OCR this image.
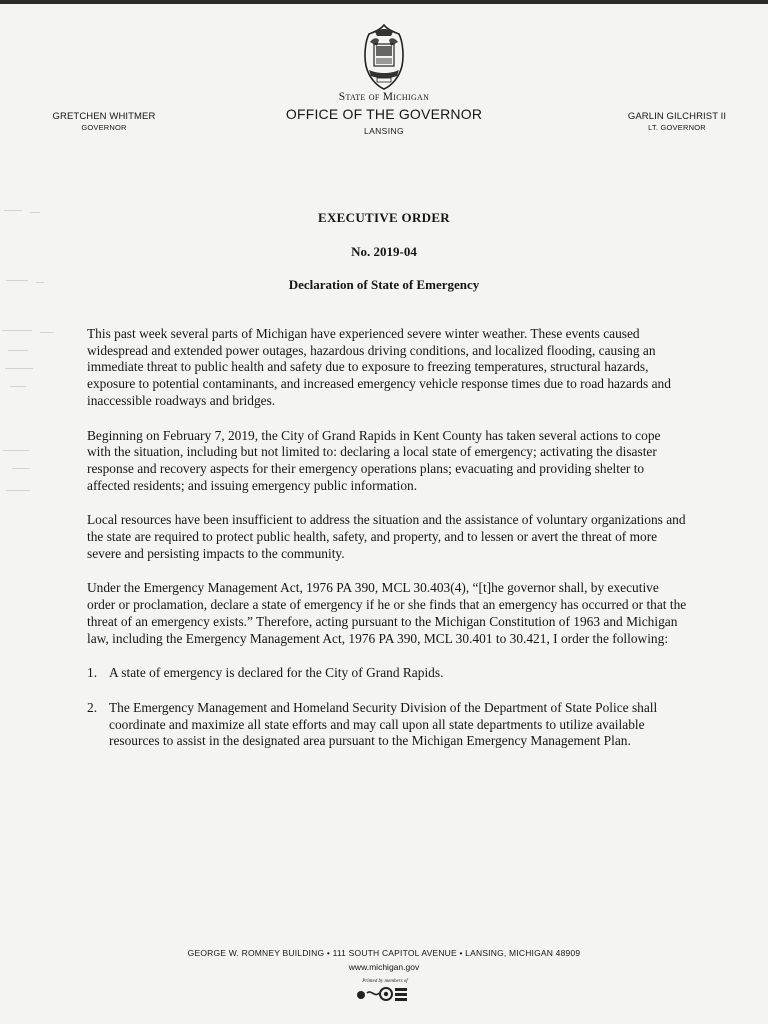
State of Michigan
OFFICE OF THE GOVERNOR
LANSING
GRETCHEN WHITMER
GOVERNOR
GARLIN GILCHRIST II
LT. GOVERNOR
EXECUTIVE ORDER
No. 2019-04
Declaration of State of Emergency

This past week several parts of Michigan have experienced severe winter weather. These events caused widespread and extended power outages, hazardous driving conditions, and localized flooding, causing an immediate threat to public health and safety due to exposure to freezing temperatures, structural hazards, exposure to potential contaminants, and increased emergency vehicle response times due to road hazards and inaccessible roadways and bridges.

Beginning on February 7, 2019, the City of Grand Rapids in Kent County has taken several actions to cope with the situation, including but not limited to: declaring a local state of emergency; activating the disaster response and recovery aspects for their emergency operations plans; evacuating and providing shelter to affected residents; and issuing emergency public information.

Local resources have been insufficient to address the situation and the assistance of voluntary organizations and the state are required to protect public health, safety, and property, and to lessen or avert the threat of more severe and persisting impacts to the community.

Under the Emergency Management Act, 1976 PA 390, MCL 30.403(4), “[t]he governor shall, by executive order or proclamation, declare a state of emergency if he or she finds that an emergency has occurred or that the threat of an emergency exists.” Therefore, acting pursuant to the Michigan Constitution of 1963 and Michigan law, including the Emergency Management Act, 1976 PA 390, MCL 30.401 to 30.421, I order the following:

1. A state of emergency is declared for the City of Grand Rapids.
2. The Emergency Management and Homeland Security Division of the Department of State Police shall coordinate and maximize all state efforts and may call upon all state departments to utilize available resources to assist in the designated area pursuant to the Michigan Emergency Management Plan.
GEORGE W. ROMNEY BUILDING • 111 SOUTH CAPITOL AVENUE • LANSING, MICHIGAN 48909
www.michigan.gov
Printed by members of
